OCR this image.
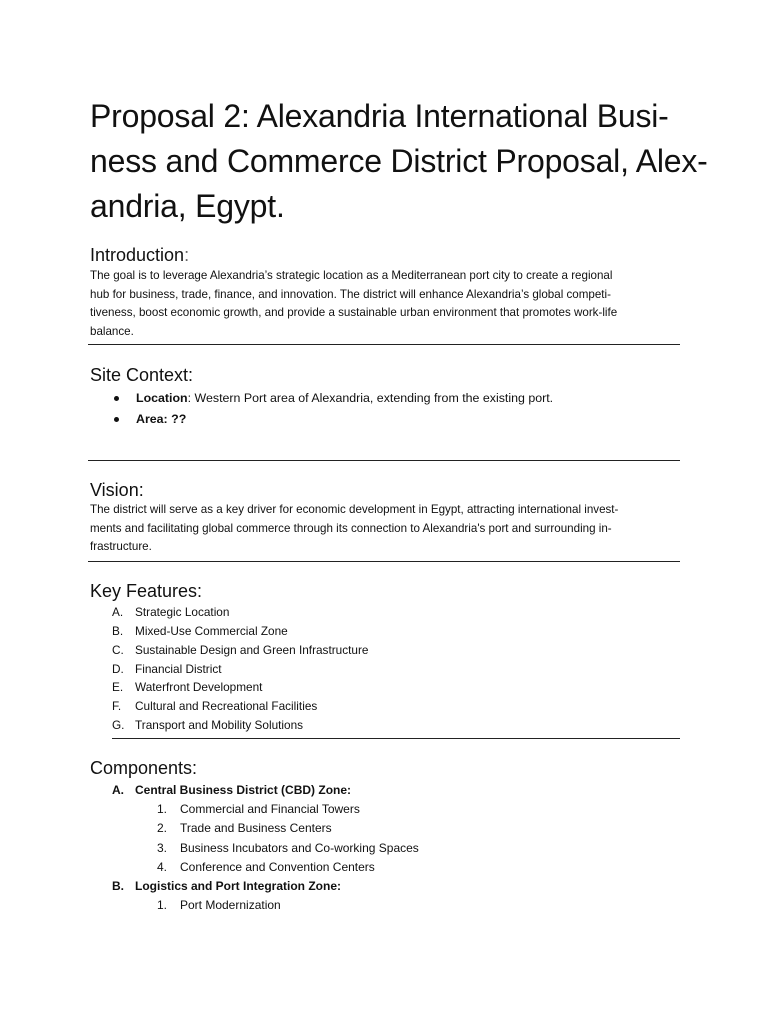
Proposal 2: Alexandria International Busi-
ness and Commerce District Proposal, Alex-
andria, Egypt.
Introduction:
The goal is to leverage Alexandria’s strategic location as a Mediterranean port city to create a regional
hub for business, trade, finance, and innovation. The district will enhance Alexandria’s global competi-
tiveness, boost economic growth, and provide a sustainable urban environment that promotes work-life
balance.
Site Context:
Location: Western Port area of Alexandria, extending from the existing port.
Area: ??
Vision:
The district will serve as a key driver for economic development in Egypt, attracting international invest-
ments and facilitating global commerce through its connection to Alexandria's port and surrounding in-
frastructure.
Key Features:
A. Strategic Location
B. Mixed-Use Commercial Zone
C. Sustainable Design and Green Infrastructure
D. Financial District
E. Waterfront Development
F. Cultural and Recreational Facilities
G. Transport and Mobility Solutions
Components:
A. Central Business District (CBD) Zone:
1. Commercial and Financial Towers
2. Trade and Business Centers
3. Business Incubators and Co-working Spaces
4. Conference and Convention Centers
B. Logistics and Port Integration Zone:
1. Port Modernization
